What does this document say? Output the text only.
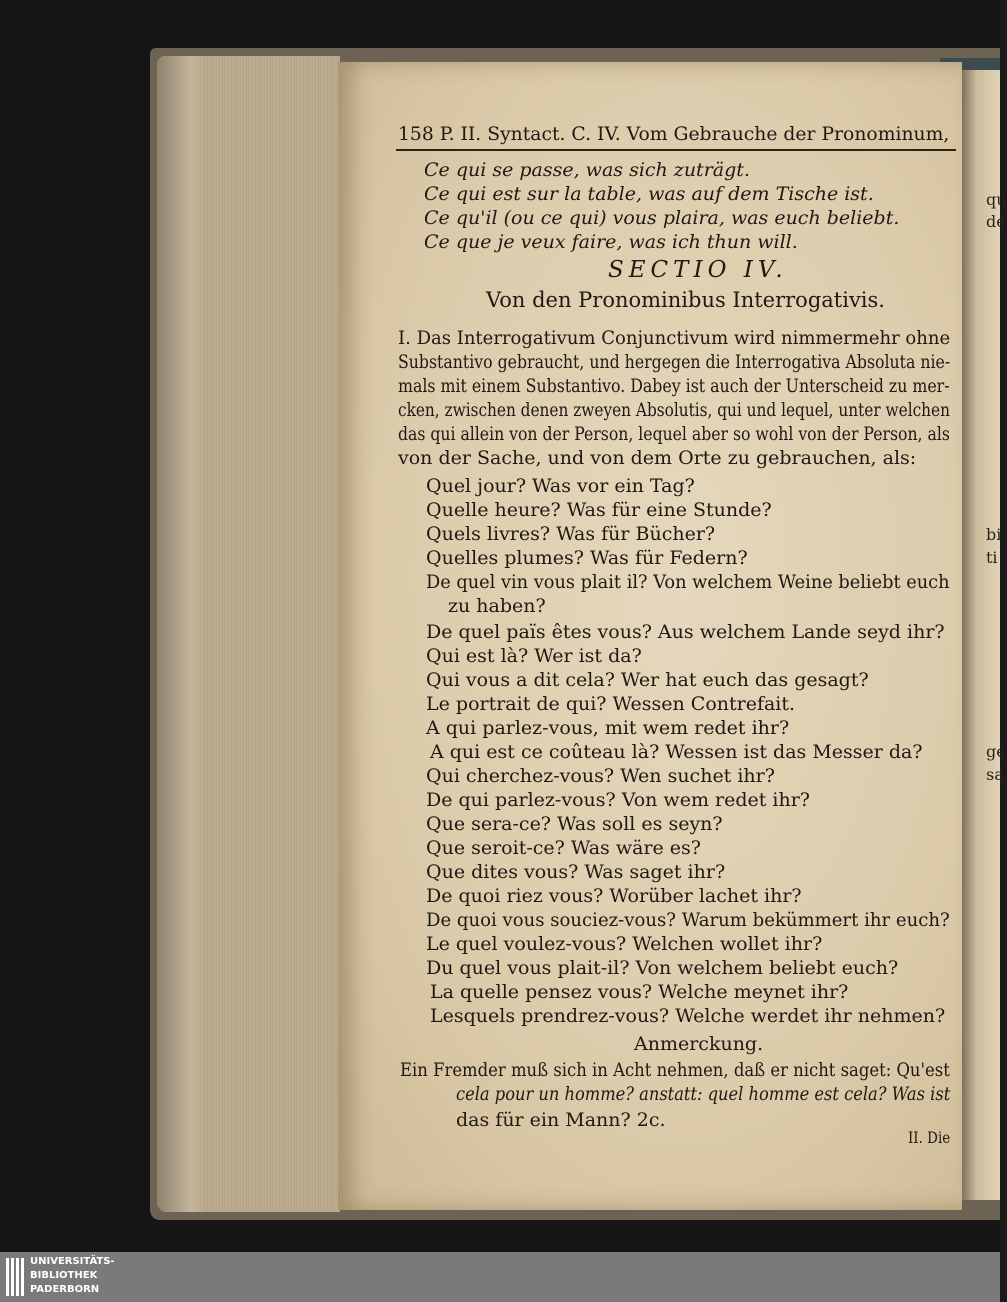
qu
de
bi
ti
ge
sa
158 P. II. Syntact. C. IV. Vom Gebrauche der Pronominum,
Ce qui se passe, was sich zuträgt.
Ce qui est sur la table, was auf dem Tische ist.
Ce qu'il (ou ce qui) vous plaira, was euch beliebt.
Ce que je veux faire, was ich thun will.
SECTIO IV.
Von den Pronominibus Interrogativis.
I. Das Interrogativum Conjunctivum wird nimmermehr ohne
Substantivo gebraucht, und hergegen die Interrogativa Absoluta nie-
mals mit einem Substantivo. Dabey ist auch der Unterscheid zu mer-
cken, zwischen denen zweyen Absolutis, qui und lequel, unter welchen
das qui allein von der Person, lequel aber so wohl von der Person, als
von der Sache, und von dem Orte zu gebrauchen, als:
Quel jour? Was vor ein Tag?
Quelle heure? Was für eine Stunde?
Quels livres? Was für Bücher?
Quelles plumes? Was für Federn?
De quel vin vous plait il? Von welchem Weine beliebt euch
zu haben?
De quel païs êtes vous? Aus welchem Lande seyd ihr?
Qui est là? Wer ist da?
Qui vous a dit cela? Wer hat euch das gesagt?
Le portrait de qui? Wessen Contrefait.
A qui parlez-vous, mit wem redet ihr?
A qui est ce coûteau là? Wessen ist das Messer da?
Qui cherchez-vous? Wen suchet ihr?
De qui parlez-vous? Von wem redet ihr?
Que sera-ce? Was soll es seyn?
Que seroit-ce? Was wäre es?
Que dites vous? Was saget ihr?
De quoi riez vous? Worüber lachet ihr?
De quoi vous souciez-vous? Warum bekümmert ihr euch?
Le quel voulez-vous? Welchen wollet ihr?
Du quel vous plait-il? Von welchem beliebt euch?
La quelle pensez vous? Welche meynet ihr?
Lesquels prendrez-vous? Welche werdet ihr nehmen?
Anmerckung.
Ein Fremder muß sich in Acht nehmen, daß er nicht saget: Qu'est
cela pour un homme? anstatt: quel homme est cela? Was ist
das für ein Mann? 2c.
II. Die
UNIVERSITÄTS-
BIBLIOTHEK
PADERBORN
